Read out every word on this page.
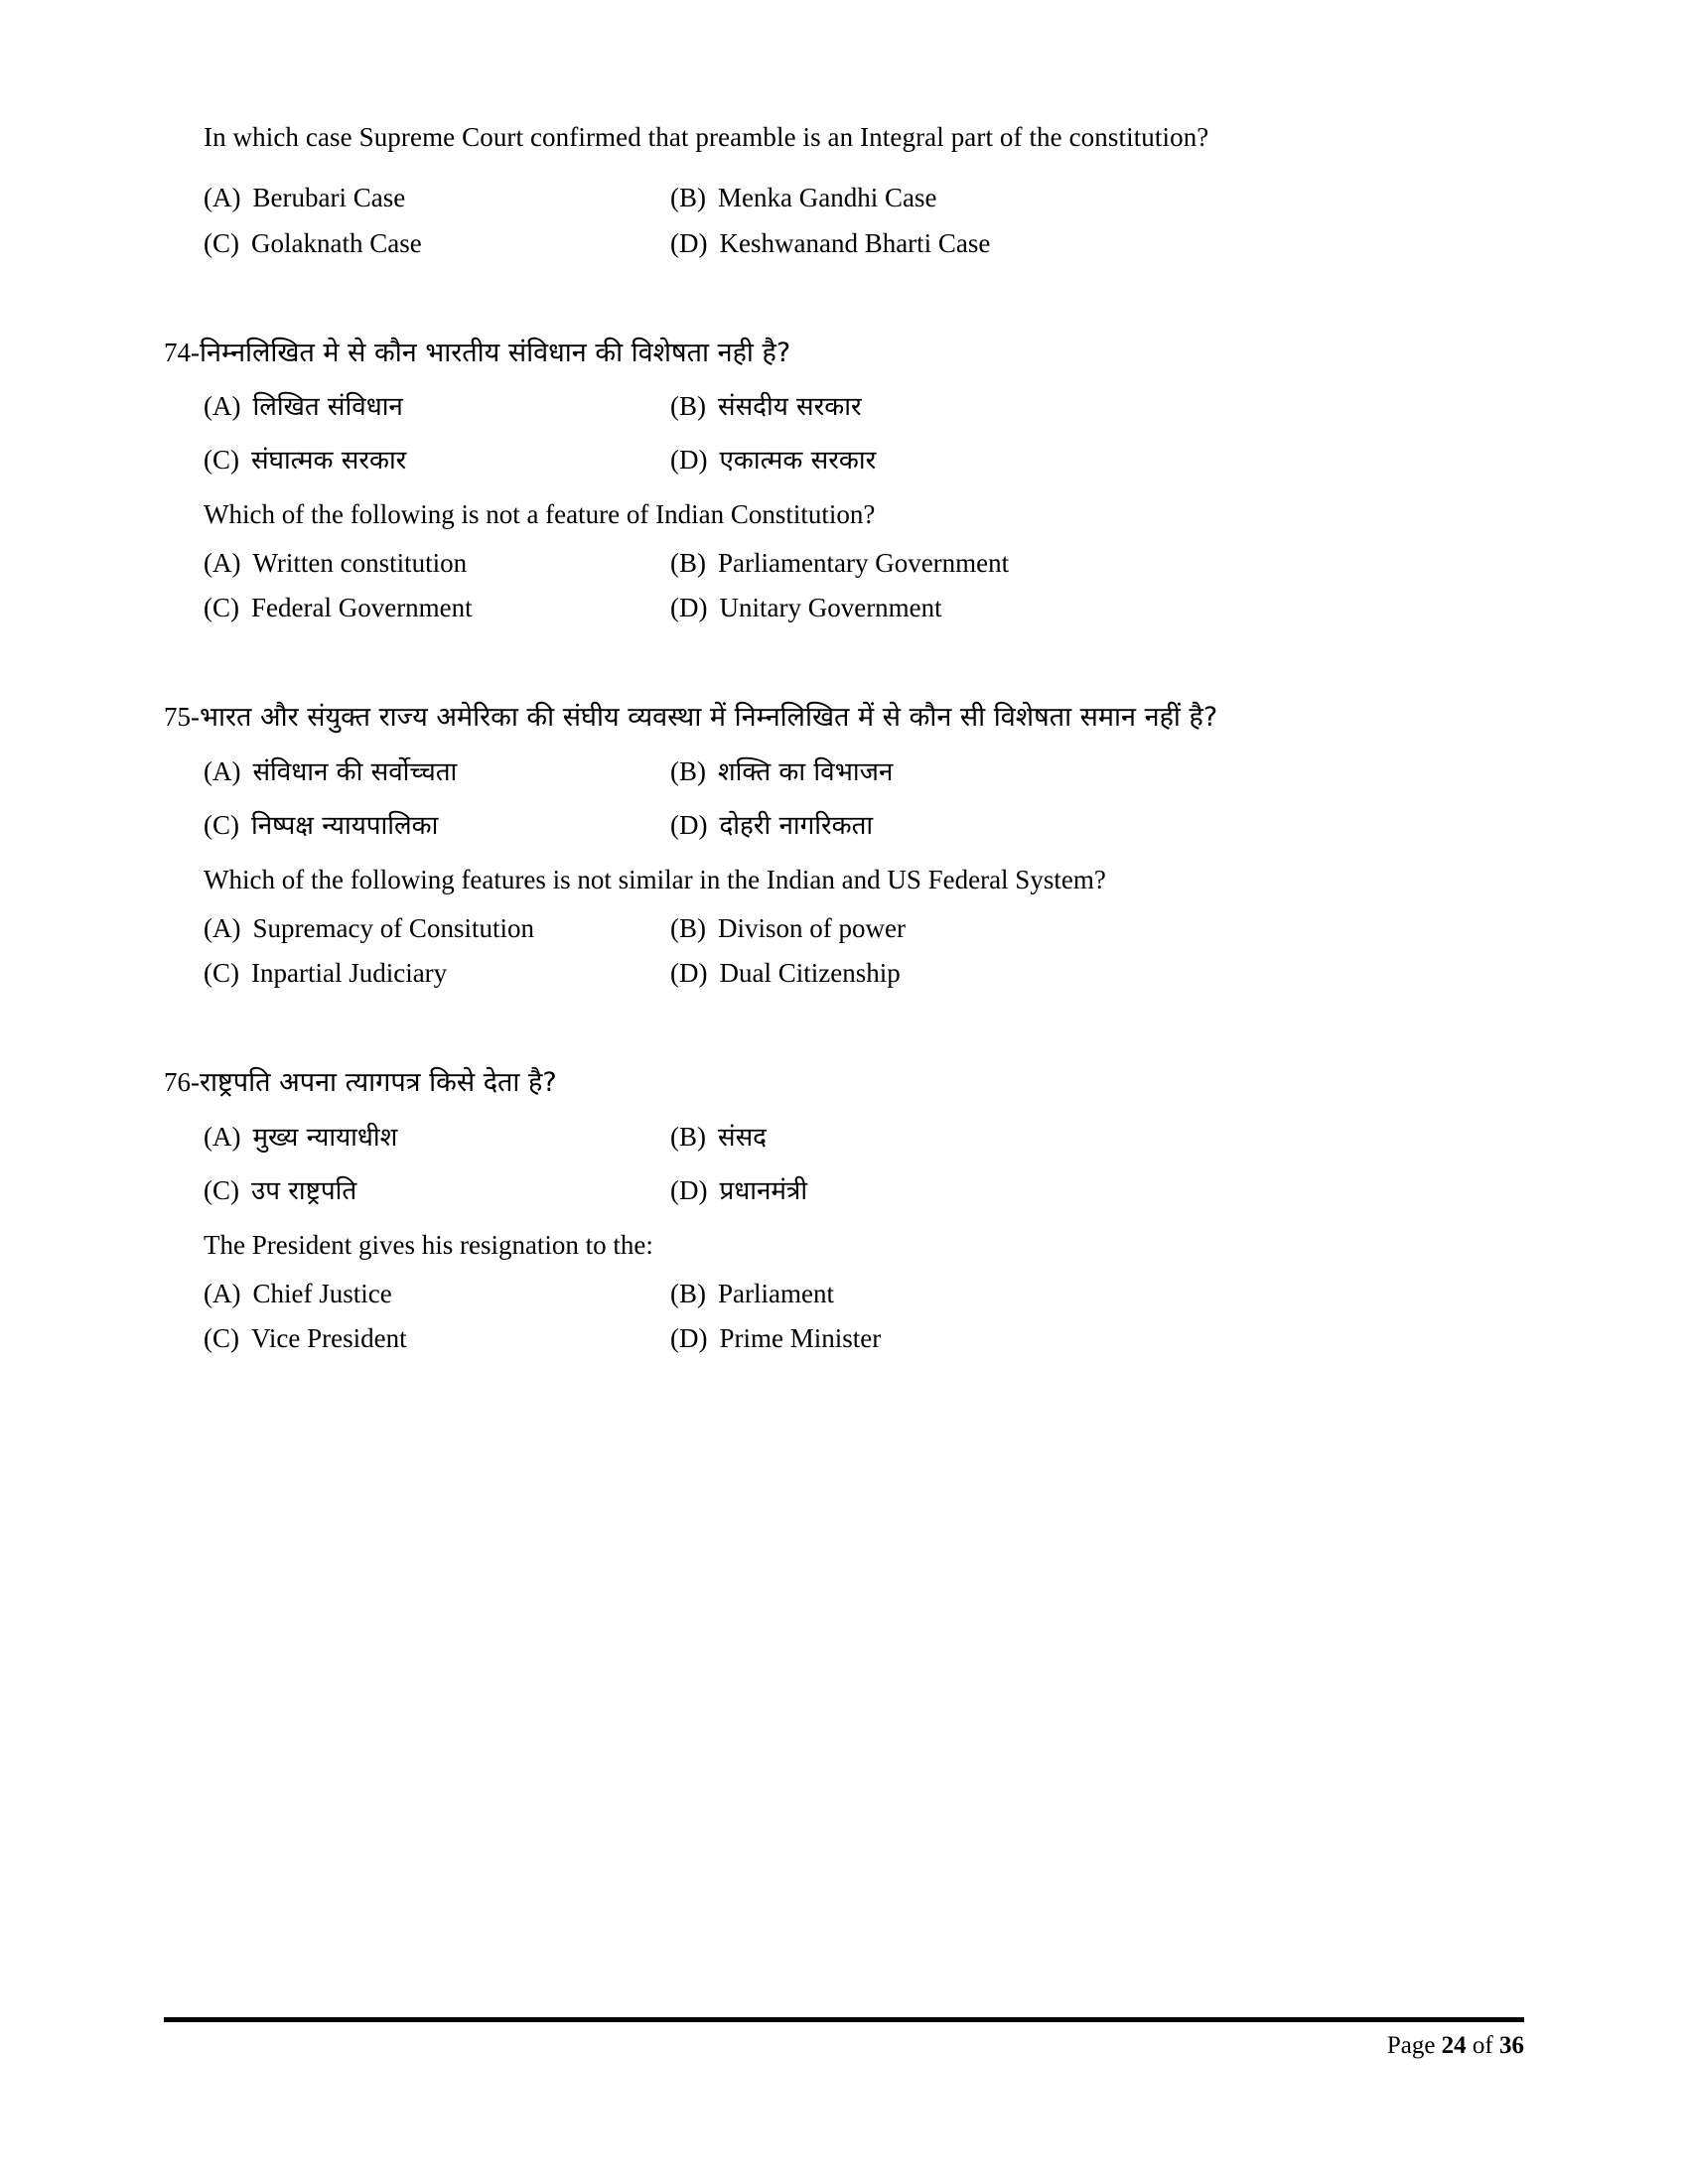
In which case Supreme Court confirmed that preamble is an Integral part of the constitution?

(A) Berubari Case	(B) Menka Gandhi Case
(C) Golaknath Case	(D) Keshwanand Bharti Case

74-निम्नलिखित मे से कौन भारतीय संविधान की विशेषता नही है?

(A) लिखित संविधान	(B) संसदीय सरकार
(C) संघात्मक सरकार	(D) एकात्मक सरकार

Which of the following is not a feature of Indian Constitution?

(A) Written constitution	(B) Parliamentary Government
(C) Federal Government	(D) Unitary Government

75-भारत और संयुक्त राज्य अमेरिका की संघीय व्यवस्था में निम्नलिखित में से कौन सी विशेषता समान नहीं है?

(A) संविधान की सर्वोच्चता	(B) शक्ति का विभाजन
(C) निष्पक्ष न्यायपालिका	(D) दोहरी नागरिकता

Which of the following features is not similar in the Indian and US Federal System?

(A) Supremacy of Consitution	(B) Divison of power
(C) Inpartial Judiciary	(D) Dual Citizenship

76-राष्ट्रपति अपना त्यागपत्र किसे देता है?

(A) मुख्य न्यायाधीश	(B) संसद
(C) उप राष्ट्रपति	(D) प्रधानमंत्री

The President gives his resignation to the:

(A) Chief Justice	(B) Parliament
(C) Vice President	(D) Prime Minister
Page 24 of 36
